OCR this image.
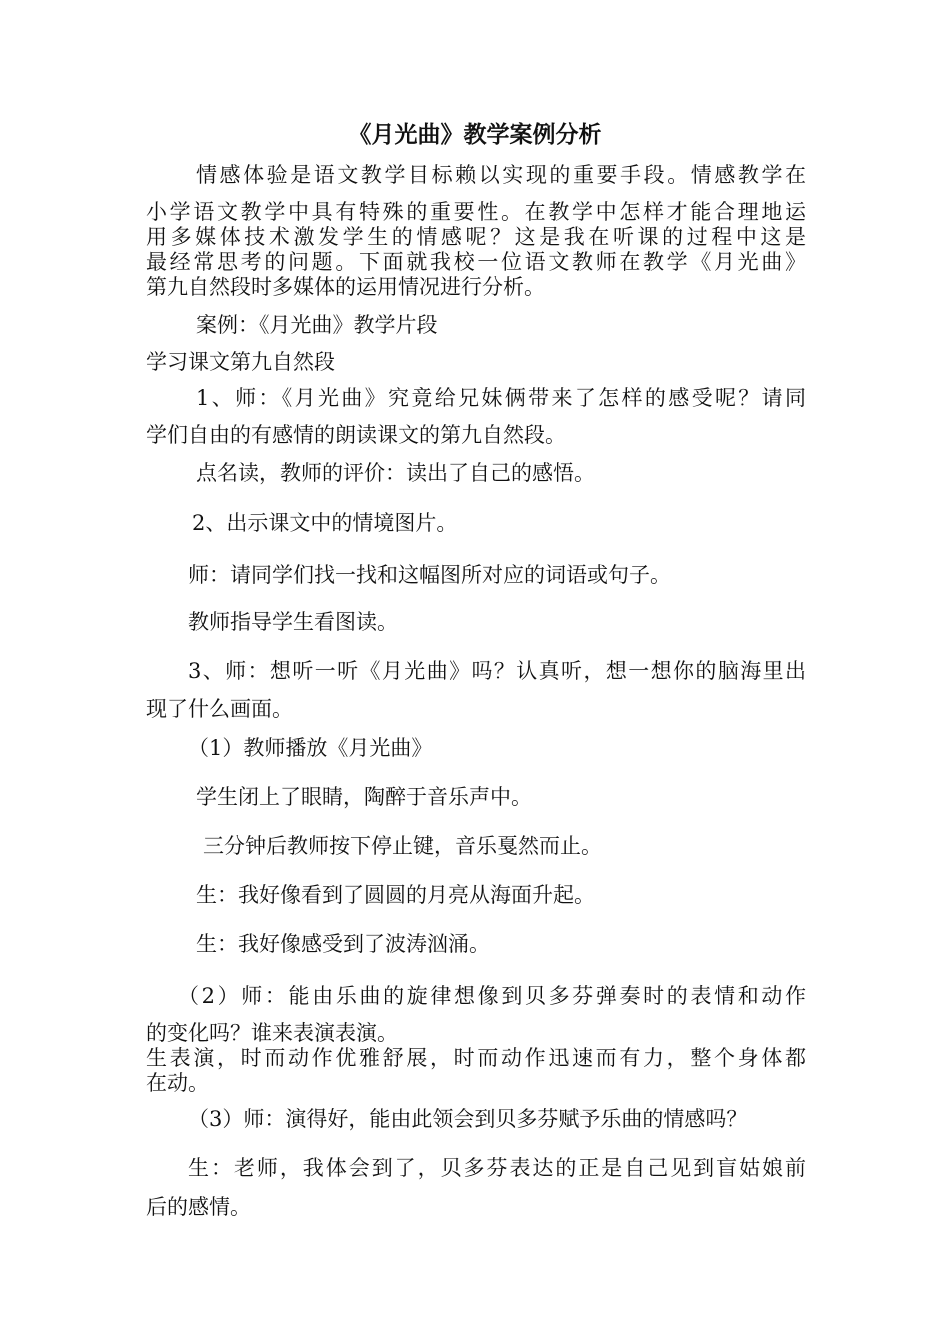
《月光曲》教学案例分析
情感体验是语文教学目标赖以实现的重要手段。情感教学在
小学语文教学中具有特殊的重要性。在教学中怎样才能合理地运
用多媒体技术激发学生的情感呢？这是我在听课的过程中这是
最经常思考的问题。下面就我校一位语文教师在教学《月光曲》
第九自然段时多媒体的运用情况进行分析。
案例：《月光曲》教学片段
学习课文第九自然段
1、师：《月光曲》究竟给兄妹俩带来了怎样的感受呢？请同
学们自由的有感情的朗读课文的第九自然段。
点名读，教师的评价：读出了自己的感悟。
2、出示课文中的情境图片。
师：请同学们找一找和这幅图所对应的词语或句子。
教师指导学生看图读。
3、师：想听一听《月光曲》吗？认真听，想一想你的脑海里出
现了什么画面。
（1）教师播放《月光曲》
学生闭上了眼睛，陶醉于音乐声中。
三分钟后教师按下停止键，音乐戛然而止。
生：我好像看到了圆圆的月亮从海面升起。
生：我好像感受到了波涛汹涌。
（2）师：能由乐曲的旋律想像到贝多芬弹奏时的表情和动作
的变化吗？谁来表演表演。
生表演，时而动作优雅舒展，时而动作迅速而有力，整个身体都
在动。
（3）师：演得好，能由此领会到贝多芬赋予乐曲的情感吗？
生：老师，我体会到了，贝多芬表达的正是自己见到盲姑娘前
后的感情。
